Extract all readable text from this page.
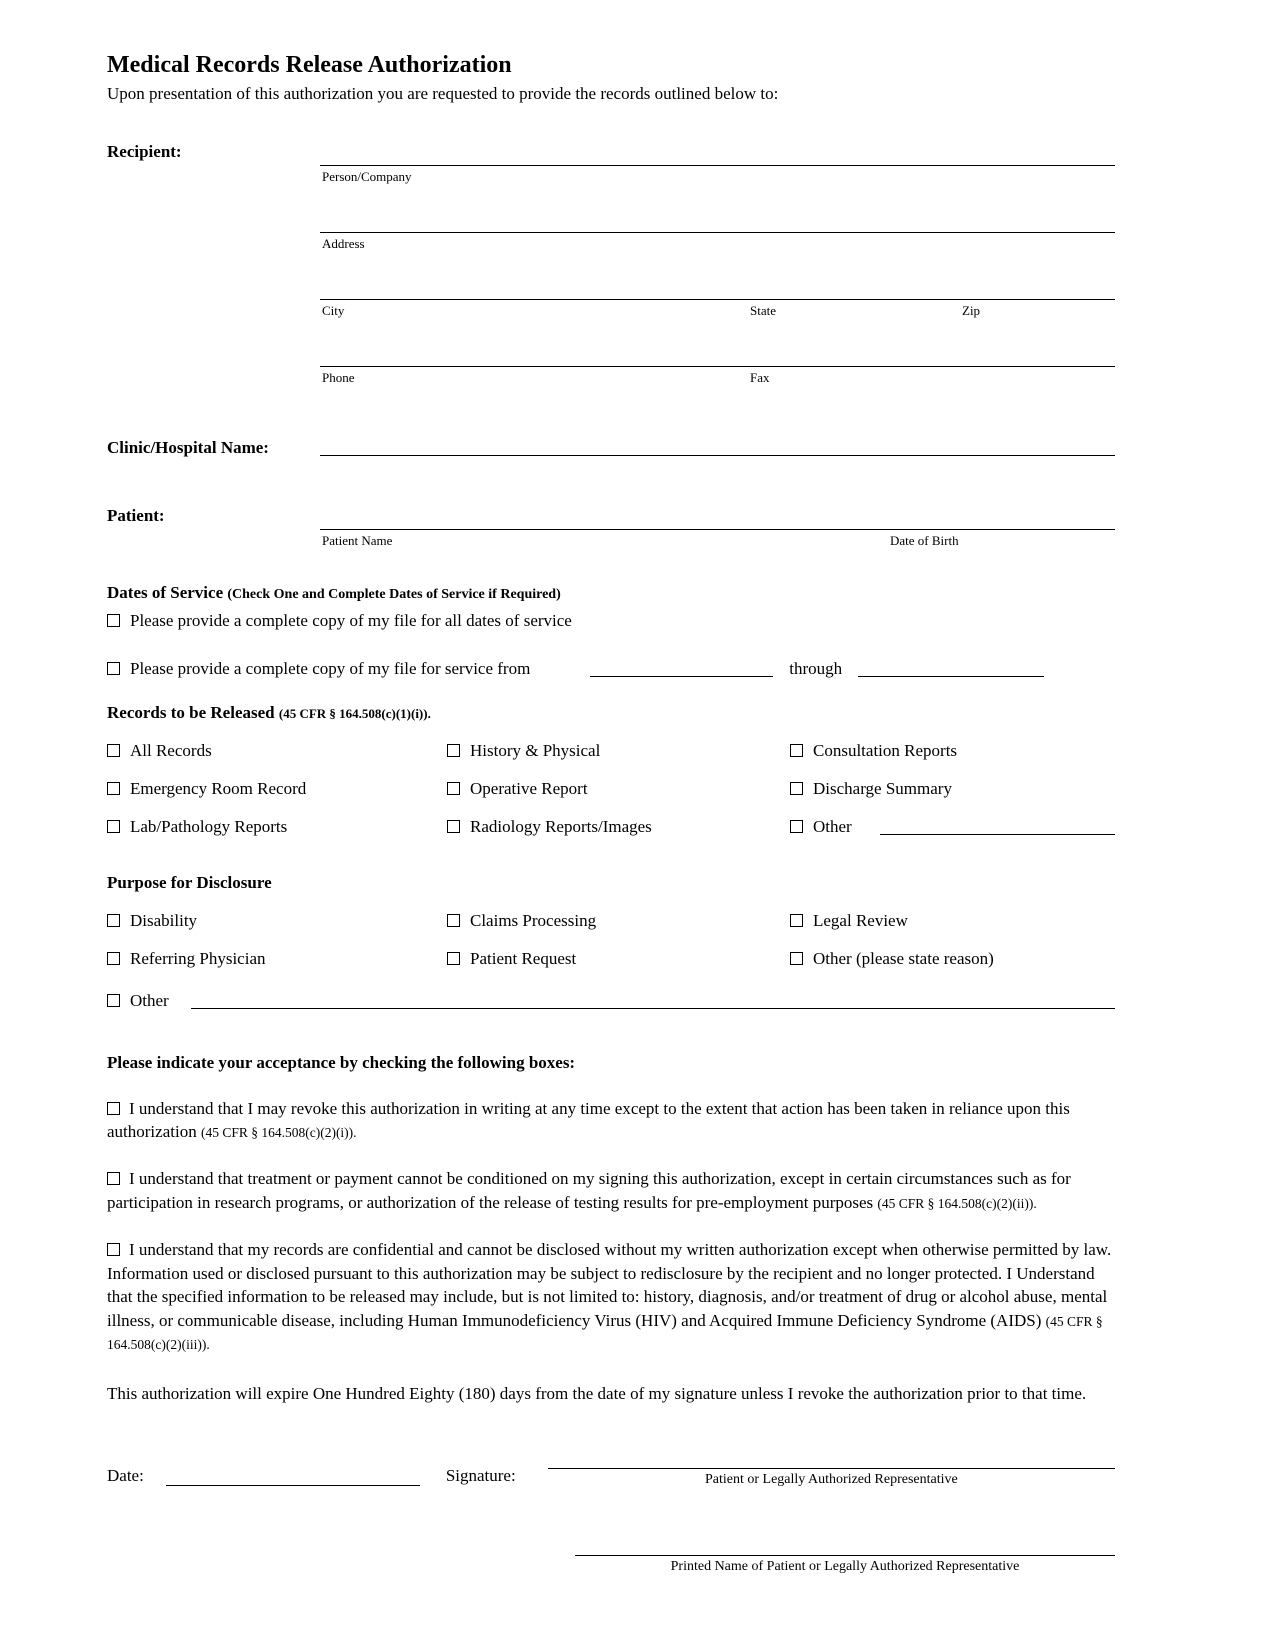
Medical Records Release Authorization

Upon presentation of this authorization you are requested to provide the records outlined below to:

Recipient:
Person/Company
Address
City	State	Zip
Phone	Fax
Clinic/Hospital Name:
Patient:
Patient Name	Date of Birth
Dates of Service (Check One and Complete Dates of Service if Required)
Please provide a complete copy of my file for all dates of service
Please provide a complete copy of my file for service from	through
Records to be Released (45 CFR § 164.508(c)(1)(i)).
All Records	History & Physical	Consultation Reports
Emergency Room Record	Operative Report	Discharge Summary
Lab/Pathology Reports	Radiology Reports/Images	Other
Purpose for Disclosure
Disability	Claims Processing	Legal Review
Referring Physician	Patient Request	Other (please state reason)
Other
Please indicate your acceptance by checking the following boxes:

I understand that I may revoke this authorization in writing at any time except to the extent that action has been taken in reliance upon this authorization (45 CFR § 164.508(c)(2)(i)).

I understand that treatment or payment cannot be conditioned on my signing this authorization, except in certain circumstances such as for participation in research programs, or authorization of the release of testing results for pre-employment purposes (45 CFR § 164.508(c)(2)(ii)).

I understand that my records are confidential and cannot be disclosed without my written authorization except when otherwise permitted by law. Information used or disclosed pursuant to this authorization may be subject to redisclosure by the recipient and no longer protected. I Understand that the specified information to be released may include, but is not limited to: history, diagnosis, and/or treatment of drug or alcohol abuse, mental illness, or communicable disease, including Human Immunodeficiency Virus (HIV) and Acquired Immune Deficiency Syndrome (AIDS) (45 CFR § 164.508(c)(2)(iii)).

This authorization will expire One Hundred Eighty (180) days from the date of my signature unless I revoke the authorization prior to that time.

Date:	Signature:	Patient or Legally Authorized Representative
Printed Name of Patient or Legally Authorized Representative
